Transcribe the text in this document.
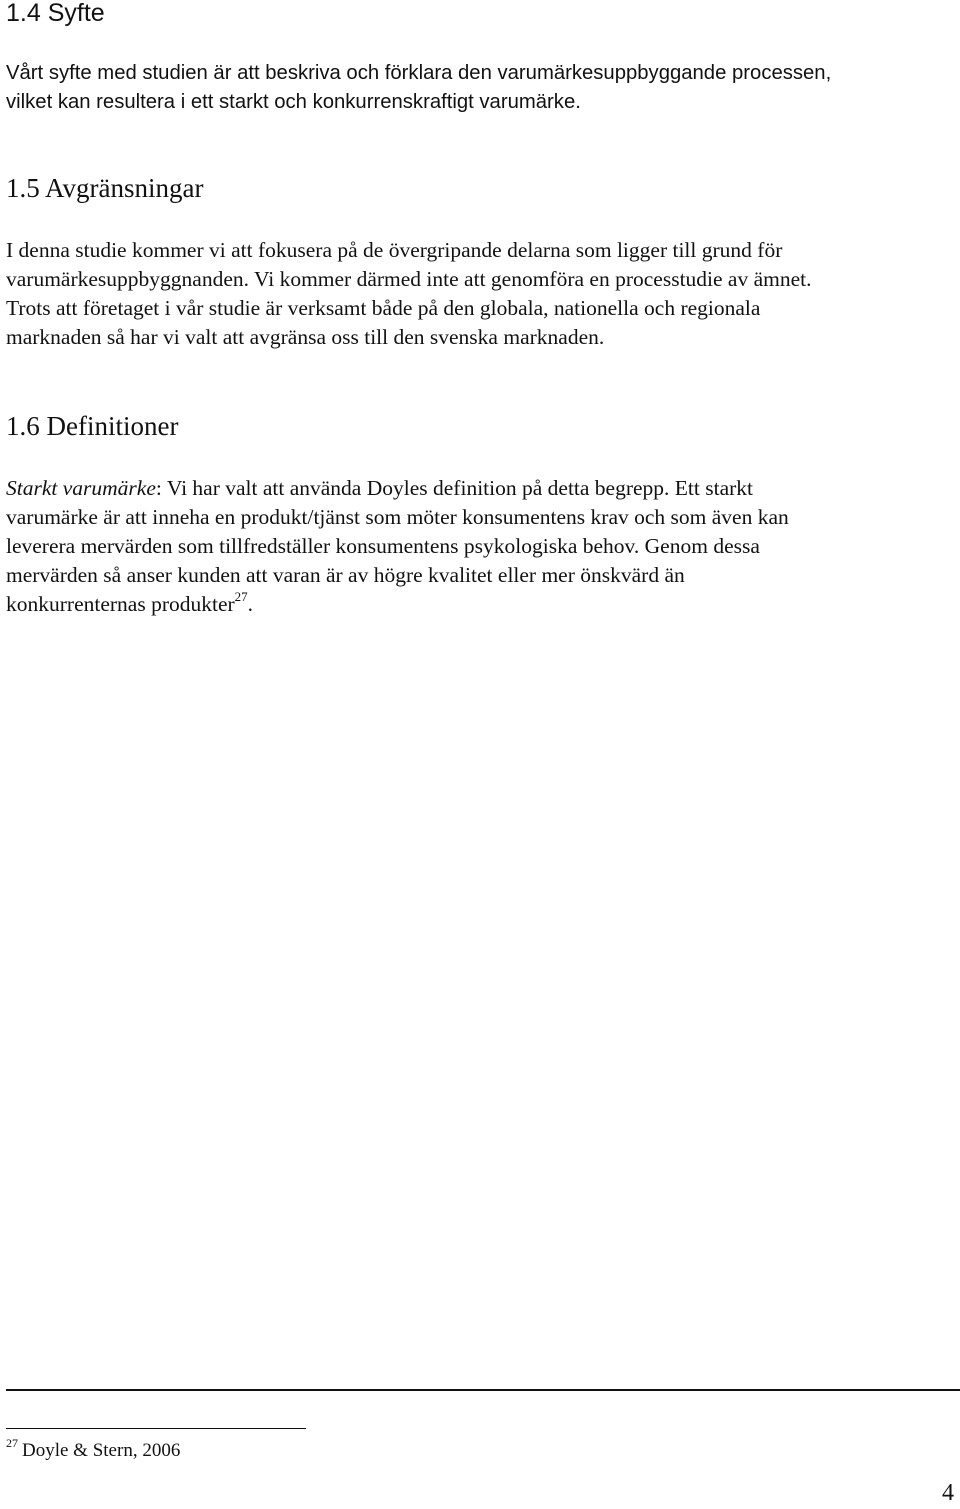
1.4 Syfte

Vårt syfte med studien är att beskriva och förklara den varumärkesuppbyggande processen,
vilket kan resultera i ett starkt och konkurrenskraftigt varumärke.

1.5 Avgränsningar

I denna studie kommer vi att fokusera på de övergripande delarna som ligger till grund för
varumärkesuppbyggnanden. Vi kommer därmed inte att genomföra en processtudie av ämnet.
Trots att företaget i vår studie är verksamt både på den globala, nationella och regionala
marknaden så har vi valt att avgränsa oss till den svenska marknaden.

1.6 Definitioner

Starkt varumärke: Vi har valt att använda Doyles definition på detta begrepp. Ett starkt
varumärke är att inneha en produkt/tjänst som möter konsumentens krav och som även kan
leverera mervärden som tillfredställer konsumentens psykologiska behov. Genom dessa
mervärden så anser kunden att varan är av högre kvalitet eller mer önskvärd än
konkurrenternas produkter$^{27}$.

$^{27}$ Doyle & Stern, 2006

4
